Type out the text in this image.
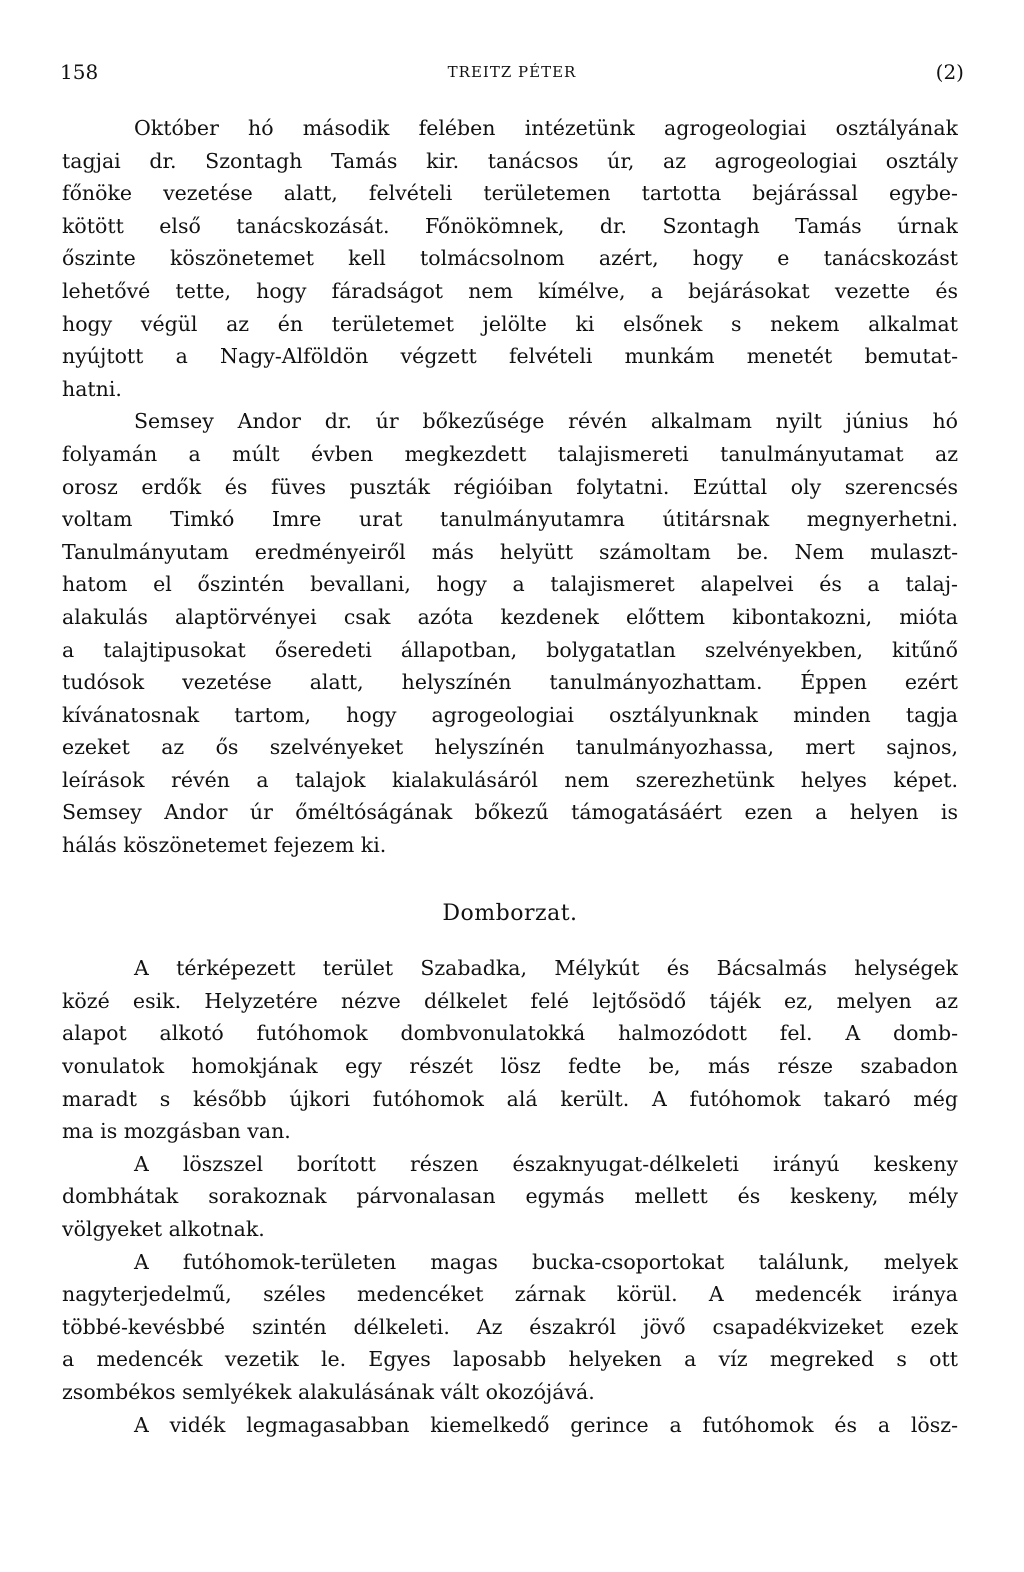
158	TREITZ PÉTER	(2)
Október hó második felében intézetünk agrogeologiai osztályának
tagjai dr. Szontagh Tamás kir. tanácsos úr, az agrogeologiai osztály
főnöke vezetése alatt, felvételi területemen tartotta bejárással egybe-
kötött első tanácskozását. Főnökömnek, dr. Szontagh Tamás úrnak
őszinte köszönetemet kell tolmácsolnom azért, hogy e tanácskozást
lehetővé tette, hogy fáradságot nem kímélve, a bejárásokat vezette és
hogy végül az én területemet jelölte ki elsőnek s nekem alkalmat
nyújtott a Nagy-Alföldön végzett felvételi munkám menetét bemutat-
hatni.
Semsey Andor dr. úr bőkezűsége révén alkalmam nyilt június hó
folyamán a múlt évben megkezdett talajismereti tanulmányutamat az
orosz erdők és füves puszták régióiban folytatni. Ezúttal oly szerencsés
voltam Timkó Imre urat tanulmányutamra útitársnak megnyerhetni.
Tanulmányutam eredményeiről más helyütt számoltam be. Nem mulaszt-
hatom el őszintén bevallani, hogy a talajismeret alapelvei és a talaj-
alakulás alaptörvényei csak azóta kezdenek előttem kibontakozni, mióta
a talajtipusokat őseredeti állapotban, bolygatatlan szelvényekben, kitűnő
tudósok vezetése alatt, helyszínén tanulmányozhattam. Éppen ezért
kívánatosnak tartom, hogy agrogeologiai osztályunknak minden tagja
ezeket az ős szelvényeket helyszínén tanulmányozhassa, mert sajnos,
leírások révén a talajok kialakulásáról nem szerezhetünk helyes képet.
Semsey Andor úr őméltóságának bőkezű támogatásáért ezen a helyen is
hálás köszönetemet fejezem ki.
Domborzat.
A térképezett terület Szabadka, Mélykút és Bácsalmás helységek
közé esik. Helyzetére nézve délkelet felé lejtősödő tájék ez, melyen az
alapot alkotó futóhomok dombvonulatokká halmozódott fel. A domb-
vonulatok homokjának egy részét lösz fedte be, más része szabadon
maradt s később újkori futóhomok alá került. A futóhomok takaró még
ma is mozgásban van.
A löszszel borított részen északnyugat-délkeleti irányú keskeny
dombhátak sorakoznak párvonalasan egymás mellett és keskeny, mély
völgyeket alkotnak.
A futóhomok-területen magas bucka-csoportokat találunk, melyek
nagyterjedelmű, széles medencéket zárnak körül. A medencék iránya
többé-kevésbbé szintén délkeleti. Az északról jövő csapadékvizeket ezek
a medencék vezetik le. Egyes laposabb helyeken a víz megreked s ott
zsombékos semlyékek alakulásának vált okozójává.
A vidék legmagasabban kiemelkedő gerince a futóhomok és a lösz-
